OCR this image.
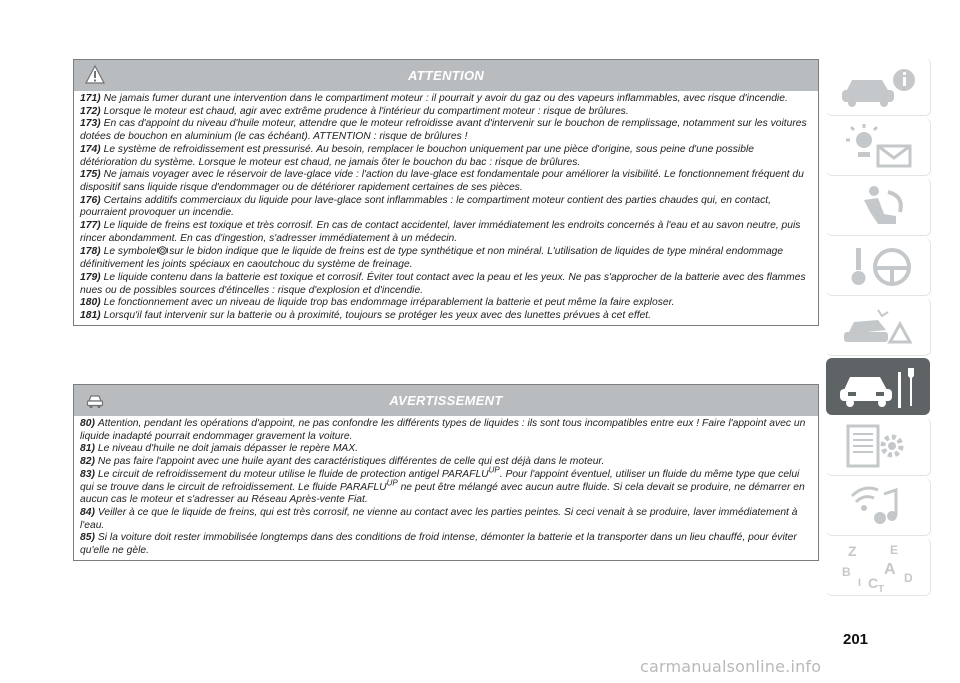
ATTENTION
171) Ne jamais fumer durant une intervention dans le compartiment moteur : il pourrait y avoir du gaz ou des vapeurs inflammables, avec risque d'incendie.
172) Lorsque le moteur est chaud, agir avec extrême prudence à l'intérieur du compartiment moteur : risque de brûlures.
173) En cas d'appoint du niveau d'huile moteur, attendre que le moteur refroidisse avant d'intervenir sur le bouchon de remplissage, notamment sur les voitures dotées de bouchon en aluminium (le cas échéant). ATTENTION : risque de brûlures !
174) Le système de refroidissement est pressurisé. Au besoin, remplacer le bouchon uniquement par une pièce d'origine, sous peine d'une possible détérioration du système. Lorsque le moteur est chaud, ne jamais ôter le bouchon du bac : risque de brûlures.
175) Ne jamais voyager avec le réservoir de lave-glace vide : l'action du lave-glace est fondamentale pour améliorer la visibilité. Le fonctionnement fréquent du dispositif sans liquide risque d'endommager ou de détériorer rapidement certaines de ses pièces.
176) Certains additifs commerciaux du liquide pour lave-glace sont inflammables : le compartiment moteur contient des parties chaudes qui, en contact, pourraient provoquer un incendie.
177) Le liquide de freins est toxique et très corrosif. En cas de contact accidentel, laver immédiatement les endroits concernés à l'eau et au savon neutre, puis rincer abondamment. En cas d'ingestion, s'adresser immédiatement à un médecin.
178) Le symbole sur le bidon indique que le liquide de freins est de type synthétique et non minéral. L'utilisation de liquides de type minéral endommage définitivement les joints spéciaux en caoutchouc du système de freinage.
179) Le liquide contenu dans la batterie est toxique et corrosif. Éviter tout contact avec la peau et les yeux. Ne pas s'approcher de la batterie avec des flammes nues ou de possibles sources d'étincelles : risque d'explosion et d'incendie.
180) Le fonctionnement avec un niveau de liquide trop bas endommage irréparablement la batterie et peut même la faire exploser.
181) Lorsqu'il faut intervenir sur la batterie ou à proximité, toujours se protéger les yeux avec des lunettes prévues à cet effet.
AVERTISSEMENT
80) Attention, pendant les opérations d'appoint, ne pas confondre les différents types de liquides : ils sont tous incompatibles entre eux ! Faire l'appoint avec un liquide inadapté pourrait endommager gravement la voiture.
81) Le niveau d'huile ne doit jamais dépasser le repère MAX.
82) Ne pas faire l'appoint avec une huile ayant des caractéristiques différentes de celle qui est déjà dans le moteur.
83) Le circuit de refroidissement du moteur utilise le fluide de protection antigel $PARAFLU^{UP}$. Pour l'appoint éventuel, utiliser un fluide du même type que celui qui se trouve dans le circuit de refroidissement. Le fluide $PARAFLU^{UP}$ ne peut être mélangé avec aucun autre fluide. Si cela devait se produire, ne démarrer en aucun cas le moteur et s'adresser au Réseau Après-vente Fiat.
84) Veiller à ce que le liquide de freins, qui est très corrosif, ne vienne au contact avec les parties peintes. Si ceci venait à se produire, laver immédiatement à l'eau.
85) Si la voiture doit rester immobilisée longtemps dans des conditions de froid intense, démonter la batterie et la transporter dans un lieu chauffé, pour éviter qu'elle ne gèle.	Z	E
B A
I C D
T
201
carmanualsonline.info
